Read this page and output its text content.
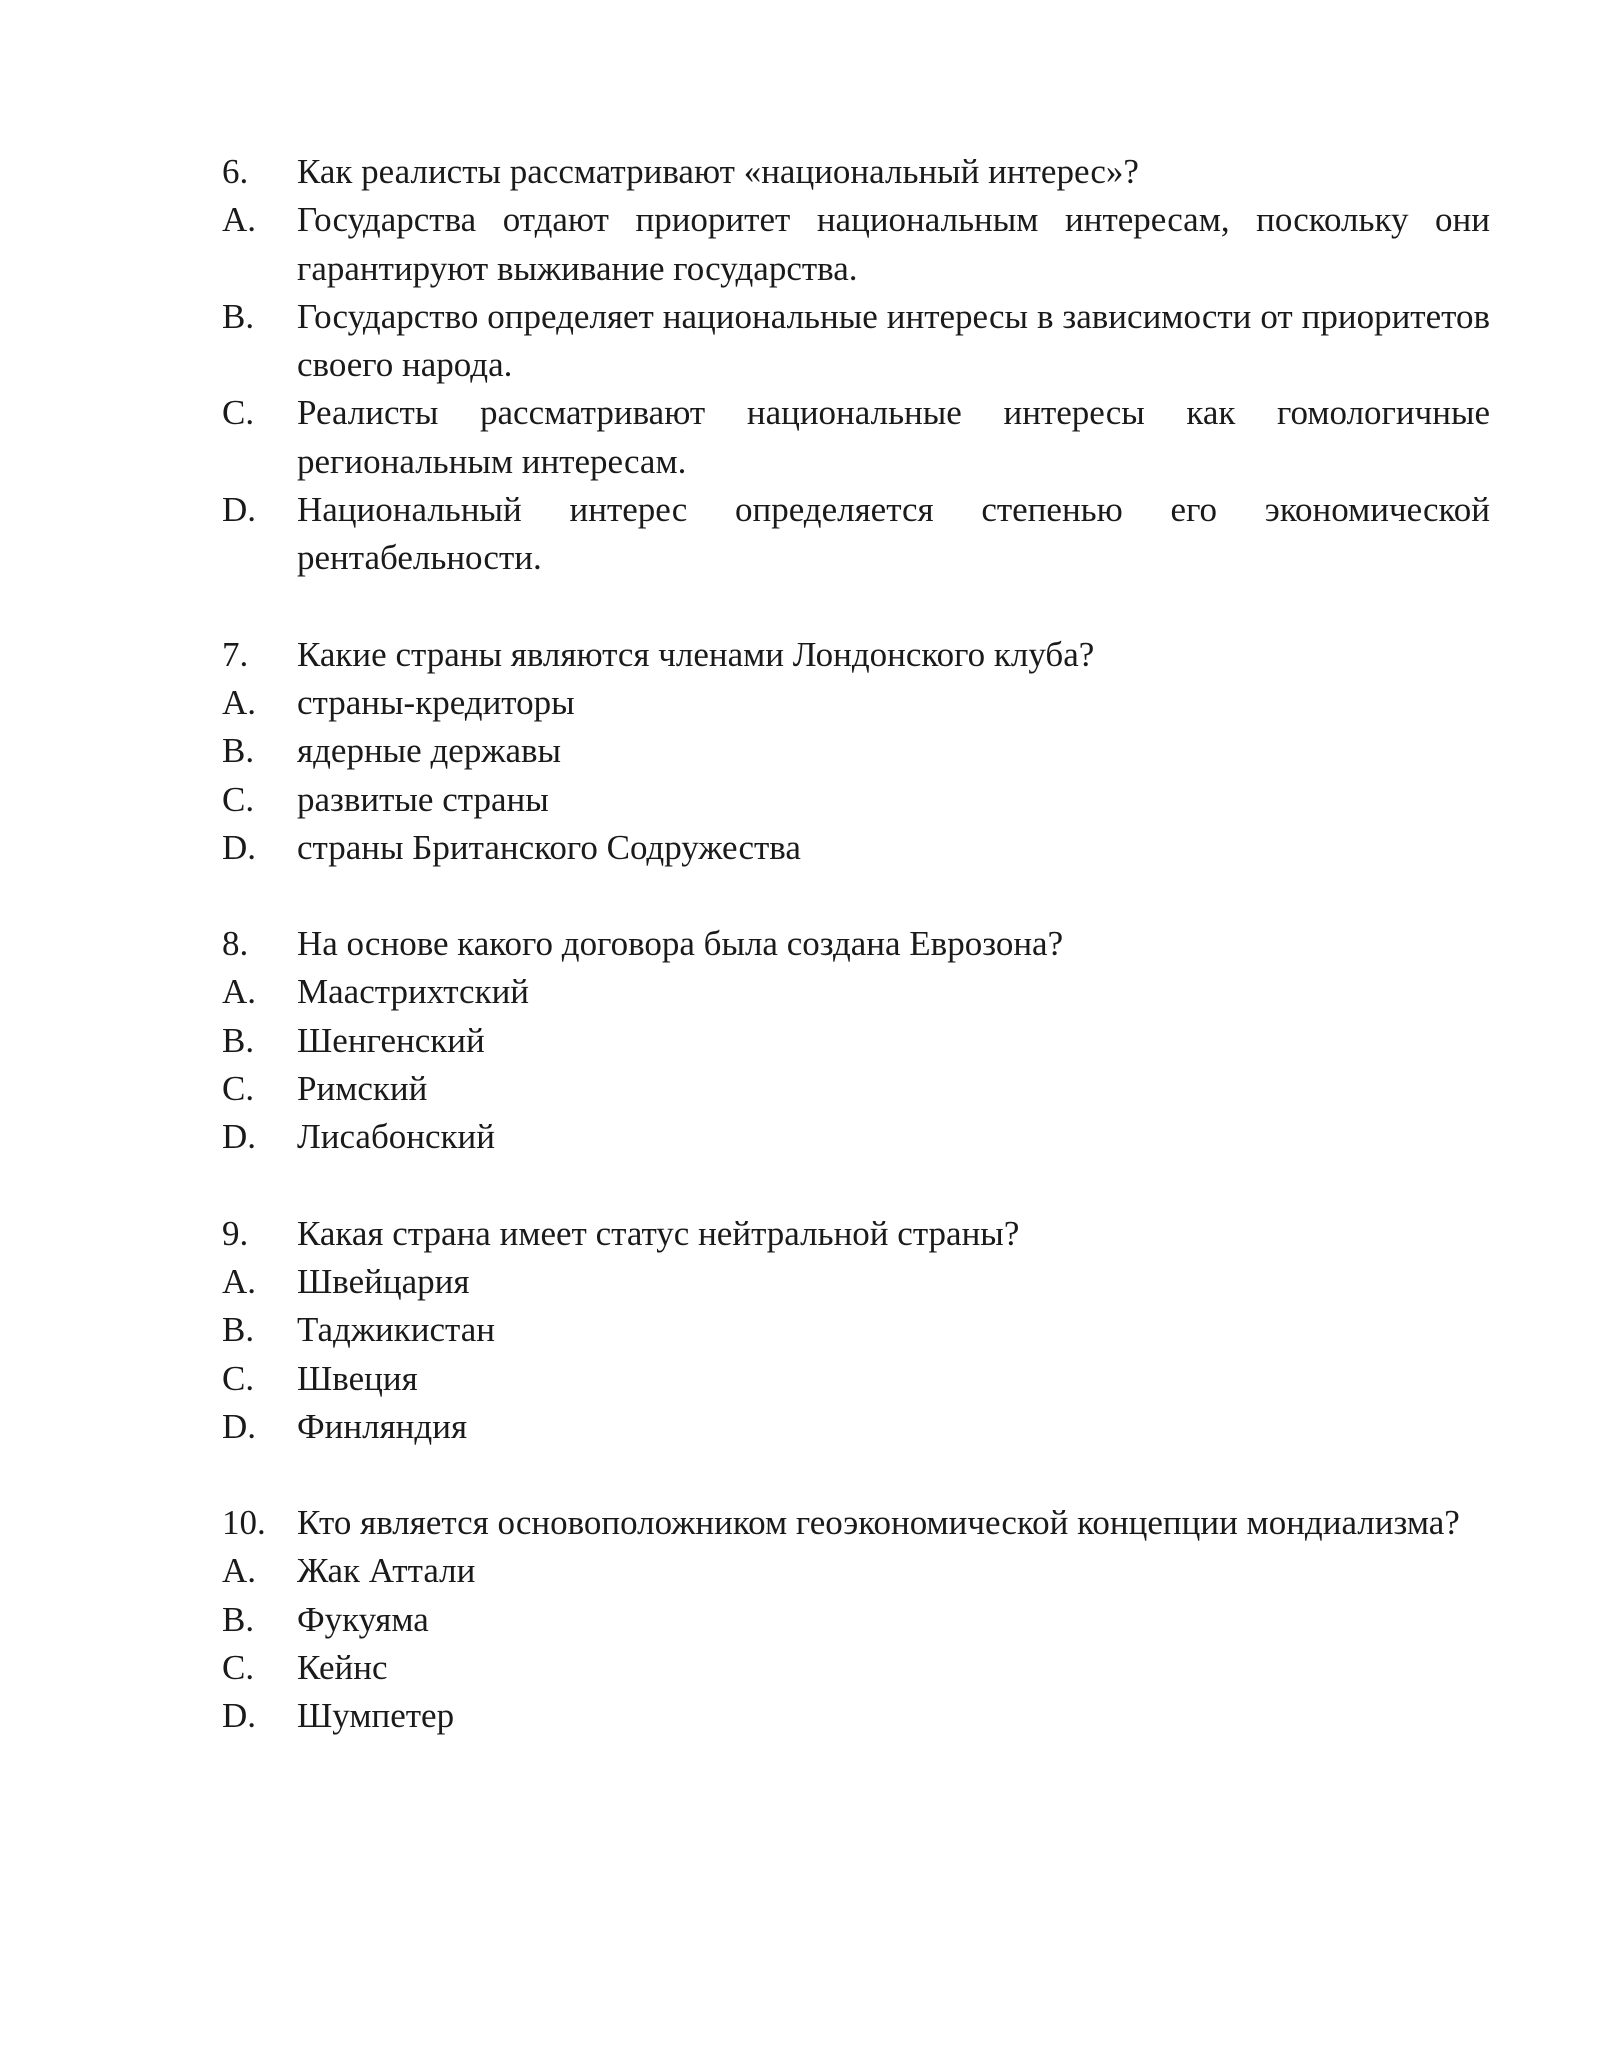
6.	Как реалисты рассматривают «национальный интерес»?
A.	Государства отдают приоритет национальным интересам, поскольку они гарантируют выживание государства.
B.	Государство определяет национальные интересы в зависимости от приоритетов своего народа.
C.	Реалисты рассматривают национальные интересы как гомологичные региональным интересам.
D.	Национальный интерес определяется степенью его экономической рентабельности.
7.	Какие страны являются членами Лондонского клуба?
A.	страны-кредиторы
B.	ядерные державы
C.	развитые страны
D.	страны Британского Содружества
8.	На основе какого договора была создана Еврозона?
A.	Маастрихтский
B.	Шенгенский
C.	Римский
D.	Лисабонский
9.	Какая страна имеет статус нейтральной страны?
A.	Швейцария
B.	Таджикистан
C.	Швеция
D.	Финляндия
10. Кто является основоположником геоэкономической концепции мондиализма?
A.	Жак Аттали
B.	Фукуяма
C.	Кейнс
D.	Шумпетер
